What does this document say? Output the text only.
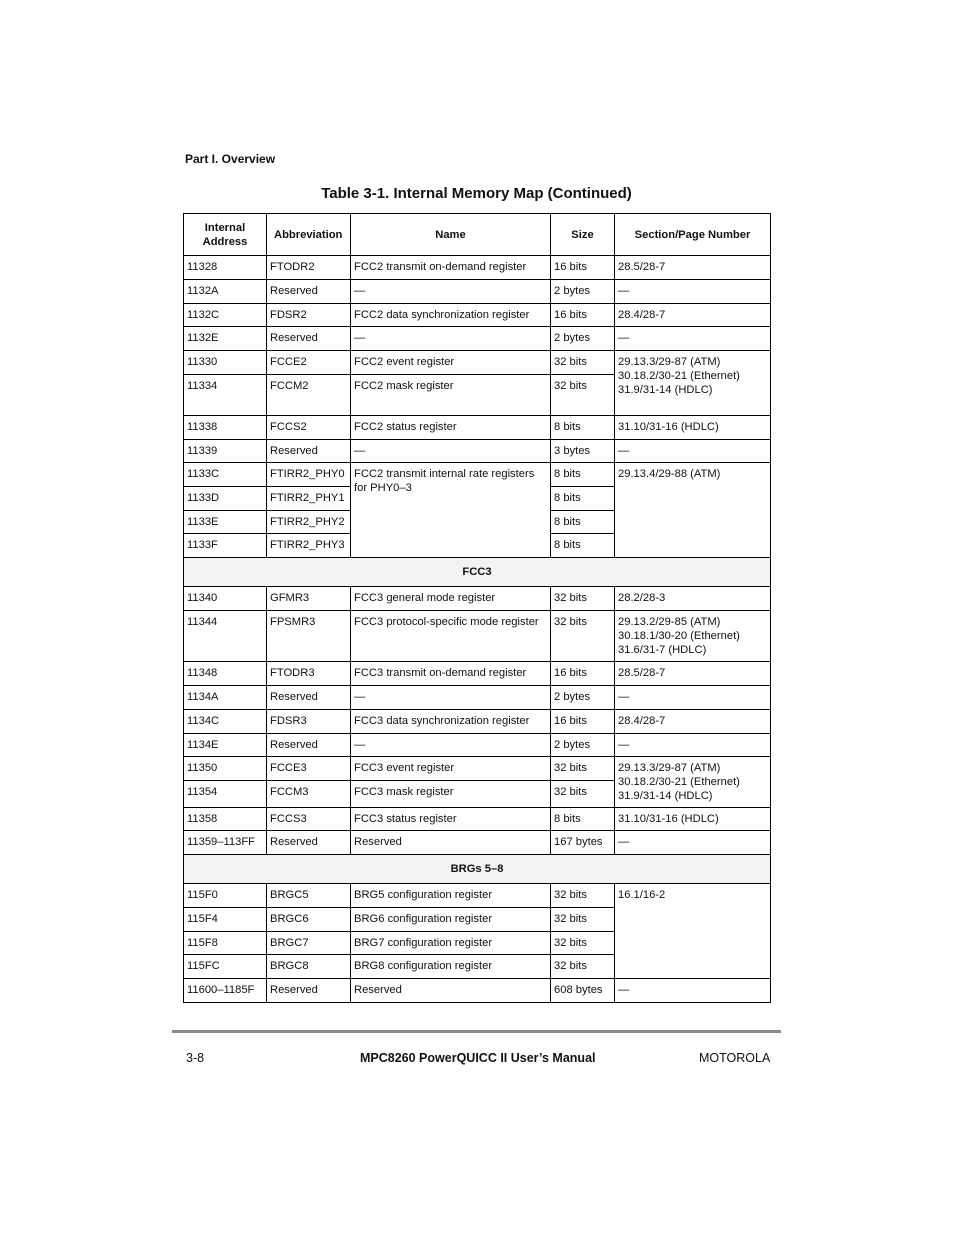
Part I. Overview
Table 3-1. Internal Memory Map (Continued)
Internal
Address	Abbreviation	Name	Size	Section/Page Number
11328	FTODR2	FCC2 transmit on-demand register	16 bits	28.5/28-7
1132A	Reserved	—	2 bytes	—
1132C	FDSR2	FCC2 data synchronization register	16 bits	28.4/28-7
1132E	Reserved	—	2 bytes	—
11330	FCCE2	FCC2 event register	32 bits	29.13.3/29-87 (ATM)
30.18.2/30-21 (Ethernet)
31.9/31-14 (HDLC)
11334	FCCM2	FCC2 mask register	32 bits	
11338	FCCS2	FCC2 status register	8 bits	31.10/31-16 (HDLC)
11339	Reserved	—	3 bytes	—
1133C	FTIRR2_PHY0	FCC2 transmit internal rate registers for PHY0–3	8 bits	29.13.4/29-88 (ATM)
1133D	FTIRR2_PHY1		8 bits	
1133E	FTIRR2_PHY2		8 bits	
1133F	FTIRR2_PHY3		8 bits	
FCC3				
11340	GFMR3	FCC3 general mode register	32 bits	28.2/28-3
11344	FPSMR3	FCC3 protocol-specific mode register	32 bits	29.13.2/29-85 (ATM)
30.18.1/30-20 (Ethernet)
31.6/31-7 (HDLC)
11348	FTODR3	FCC3 transmit on-demand register	16 bits	28.5/28-7
1134A	Reserved	—	2 bytes	—
1134C	FDSR3	FCC3 data synchronization register	16 bits	28.4/28-7
1134E	Reserved	—	2 bytes	—
11350	FCCE3	FCC3 event register	32 bits	29.13.3/29-87 (ATM)
30.18.2/30-21 (Ethernet)
31.9/31-14 (HDLC)
11354	FCCM3	FCC3 mask register	32 bits	
11358	FCCS3	FCC3 status register	8 bits	31.10/31-16 (HDLC)
11359–113FF	Reserved	Reserved	167 bytes	—
BRGs 5–8				
115F0	BRGC5	BRG5 configuration register	32 bits	16.1/16-2
115F4	BRGC6	BRG6 configuration register	32 bits	
115F8	BRGC7	BRG7 configuration register	32 bits	
115FC	BRGC8	BRG8 configuration register	32 bits	
11600–1185F	Reserved	Reserved	608 bytes	—
3-8	MPC8260 PowerQUICC II User’s Manual	MOTOROLA
